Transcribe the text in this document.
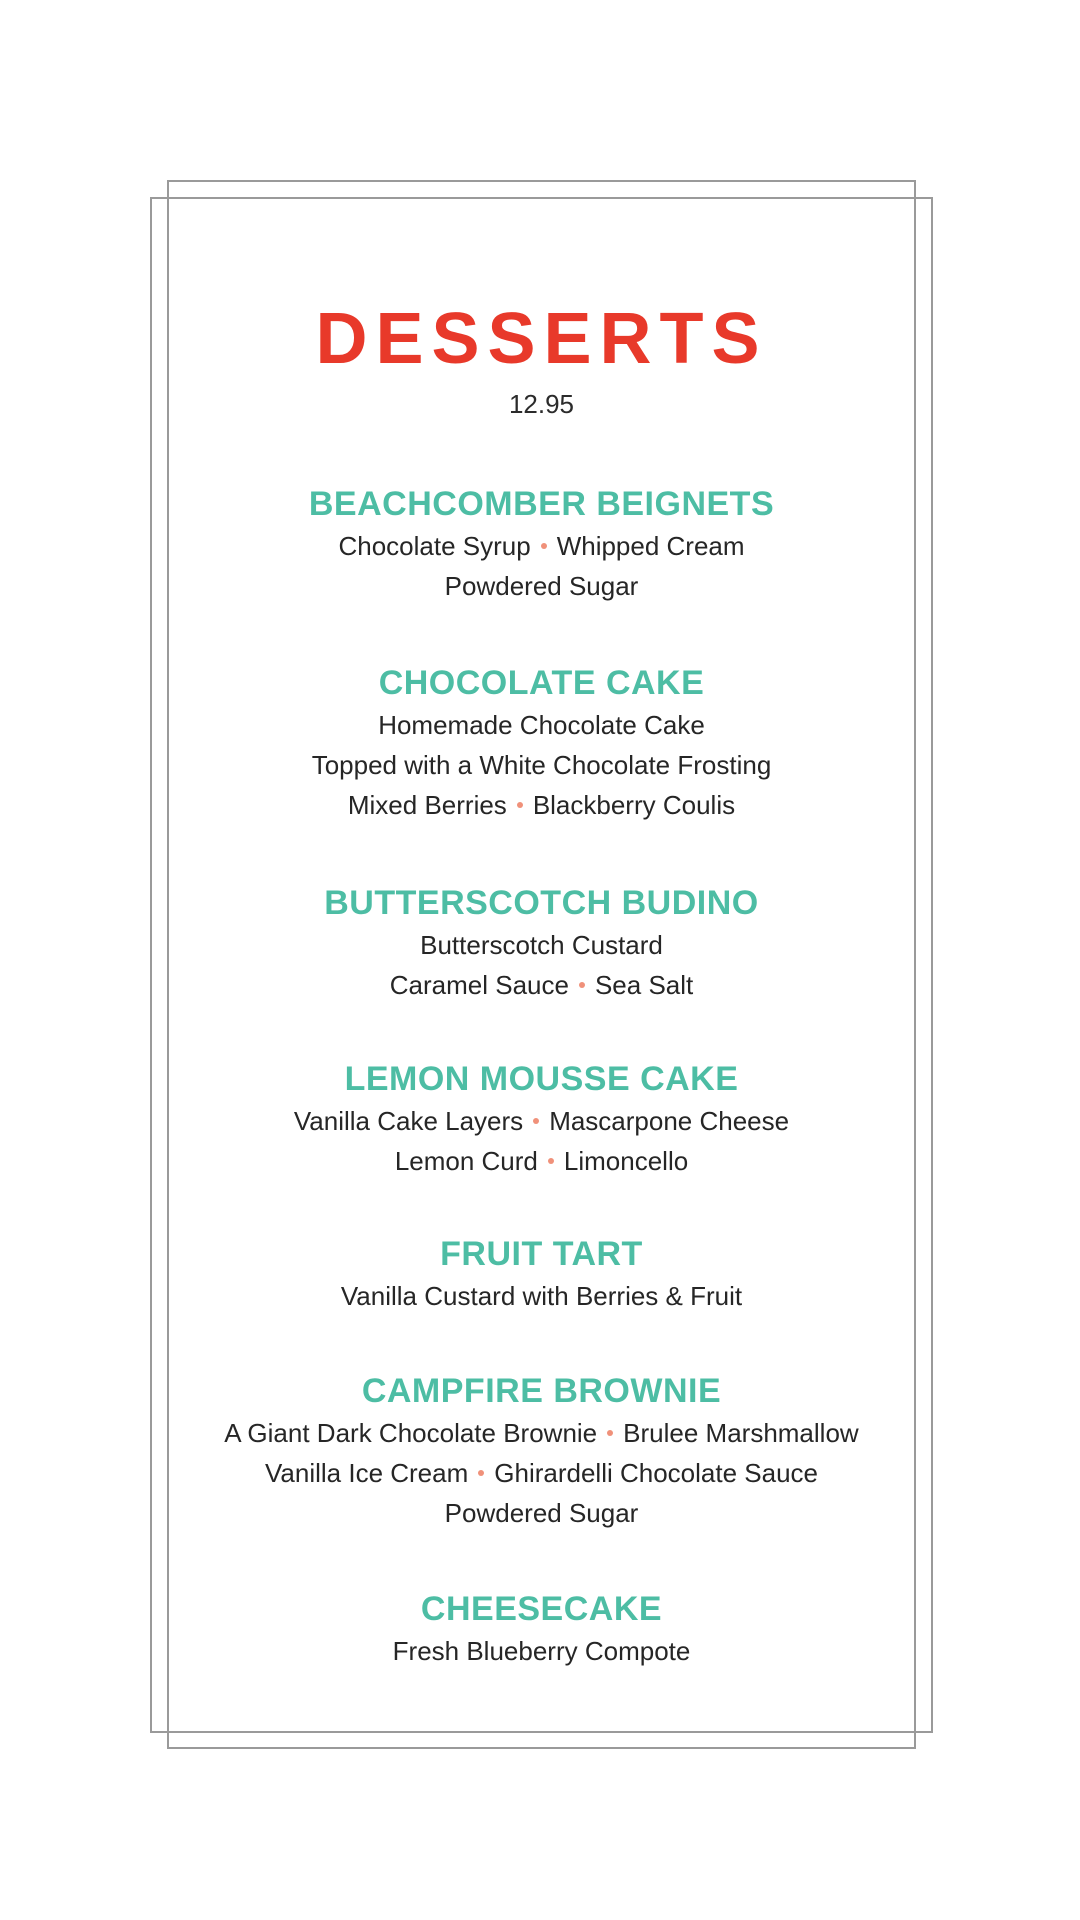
DESSERTS
12.95
BEACHCOMBER BEIGNETS
Chocolate Syrup Whipped Cream
Powdered Sugar
CHOCOLATE CAKE
Homemade Chocolate Cake
Topped with a White Chocolate Frosting
Mixed Berries Blackberry Coulis
BUTTERSCOTCH BUDINO
Butterscotch Custard
Caramel Sauce Sea Salt
LEMON MOUSSE CAKE
Vanilla Cake Layers Mascarpone Cheese
Lemon Curd Limoncello
FRUIT TART
Vanilla Custard with Berries & Fruit
CAMPFIRE BROWNIE
A Giant Dark Chocolate Brownie Brulee Marshmallow
Vanilla Ice Cream Ghirardelli Chocolate Sauce
Powdered Sugar
CHEESECAKE
Fresh Blueberry Compote
